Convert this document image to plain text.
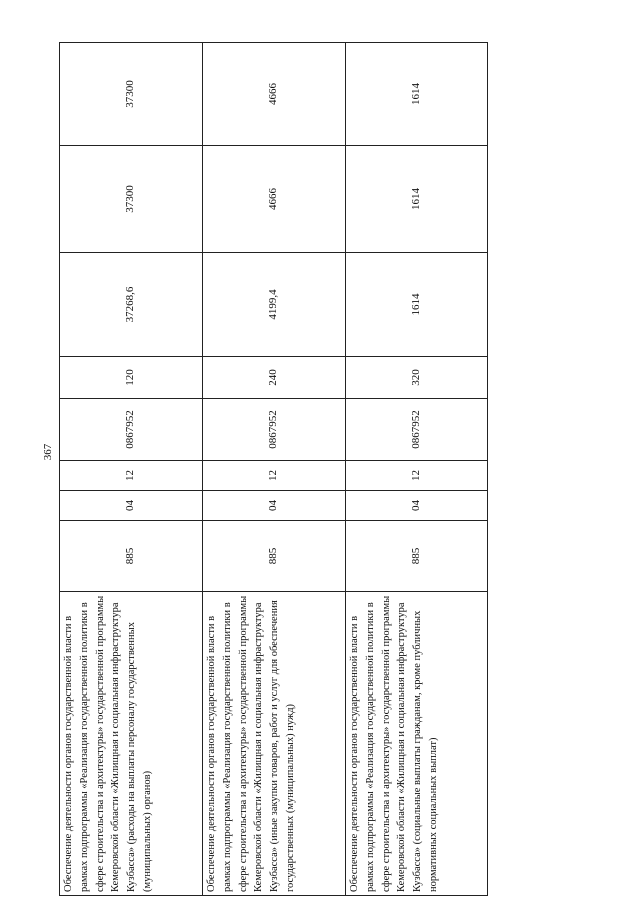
367
Обеспечение деятельности органов государственной власти в рамках подпрограммы «Реализация государственной политики в сфере строительства и архитектуры» государственной программы Кемеровской области «Жилищная и социальная инфраструктура Кузбасса» (расходы на выплаты персоналу государственных (муниципальных) органов)	885	04	12	0867952	120	37268,6	37300	37300
Обеспечение деятельности органов государственной власти в рамках подпрограммы «Реализация государственной политики в сфере строительства и архитектуры» государственной программы Кемеровской области «Жилищная и социальная инфраструктура Кузбасса» (иные закупки товаров, работ и услуг для обеспечения государственных (муниципальных) нужд)	885	04	12	0867952	240	4199,4	4666	4666
Обеспечение деятельности органов государственной власти в рамках подпрограммы «Реализация государственной политики в сфере строительства и архитектуры» государственной программы Кемеровской области «Жилищная и социальная инфраструктура Кузбасса» (социальные выплаты гражданам, кроме публичных нормативных социальных выплат)	885	04	12	0867952	320	1614	1614	1614
